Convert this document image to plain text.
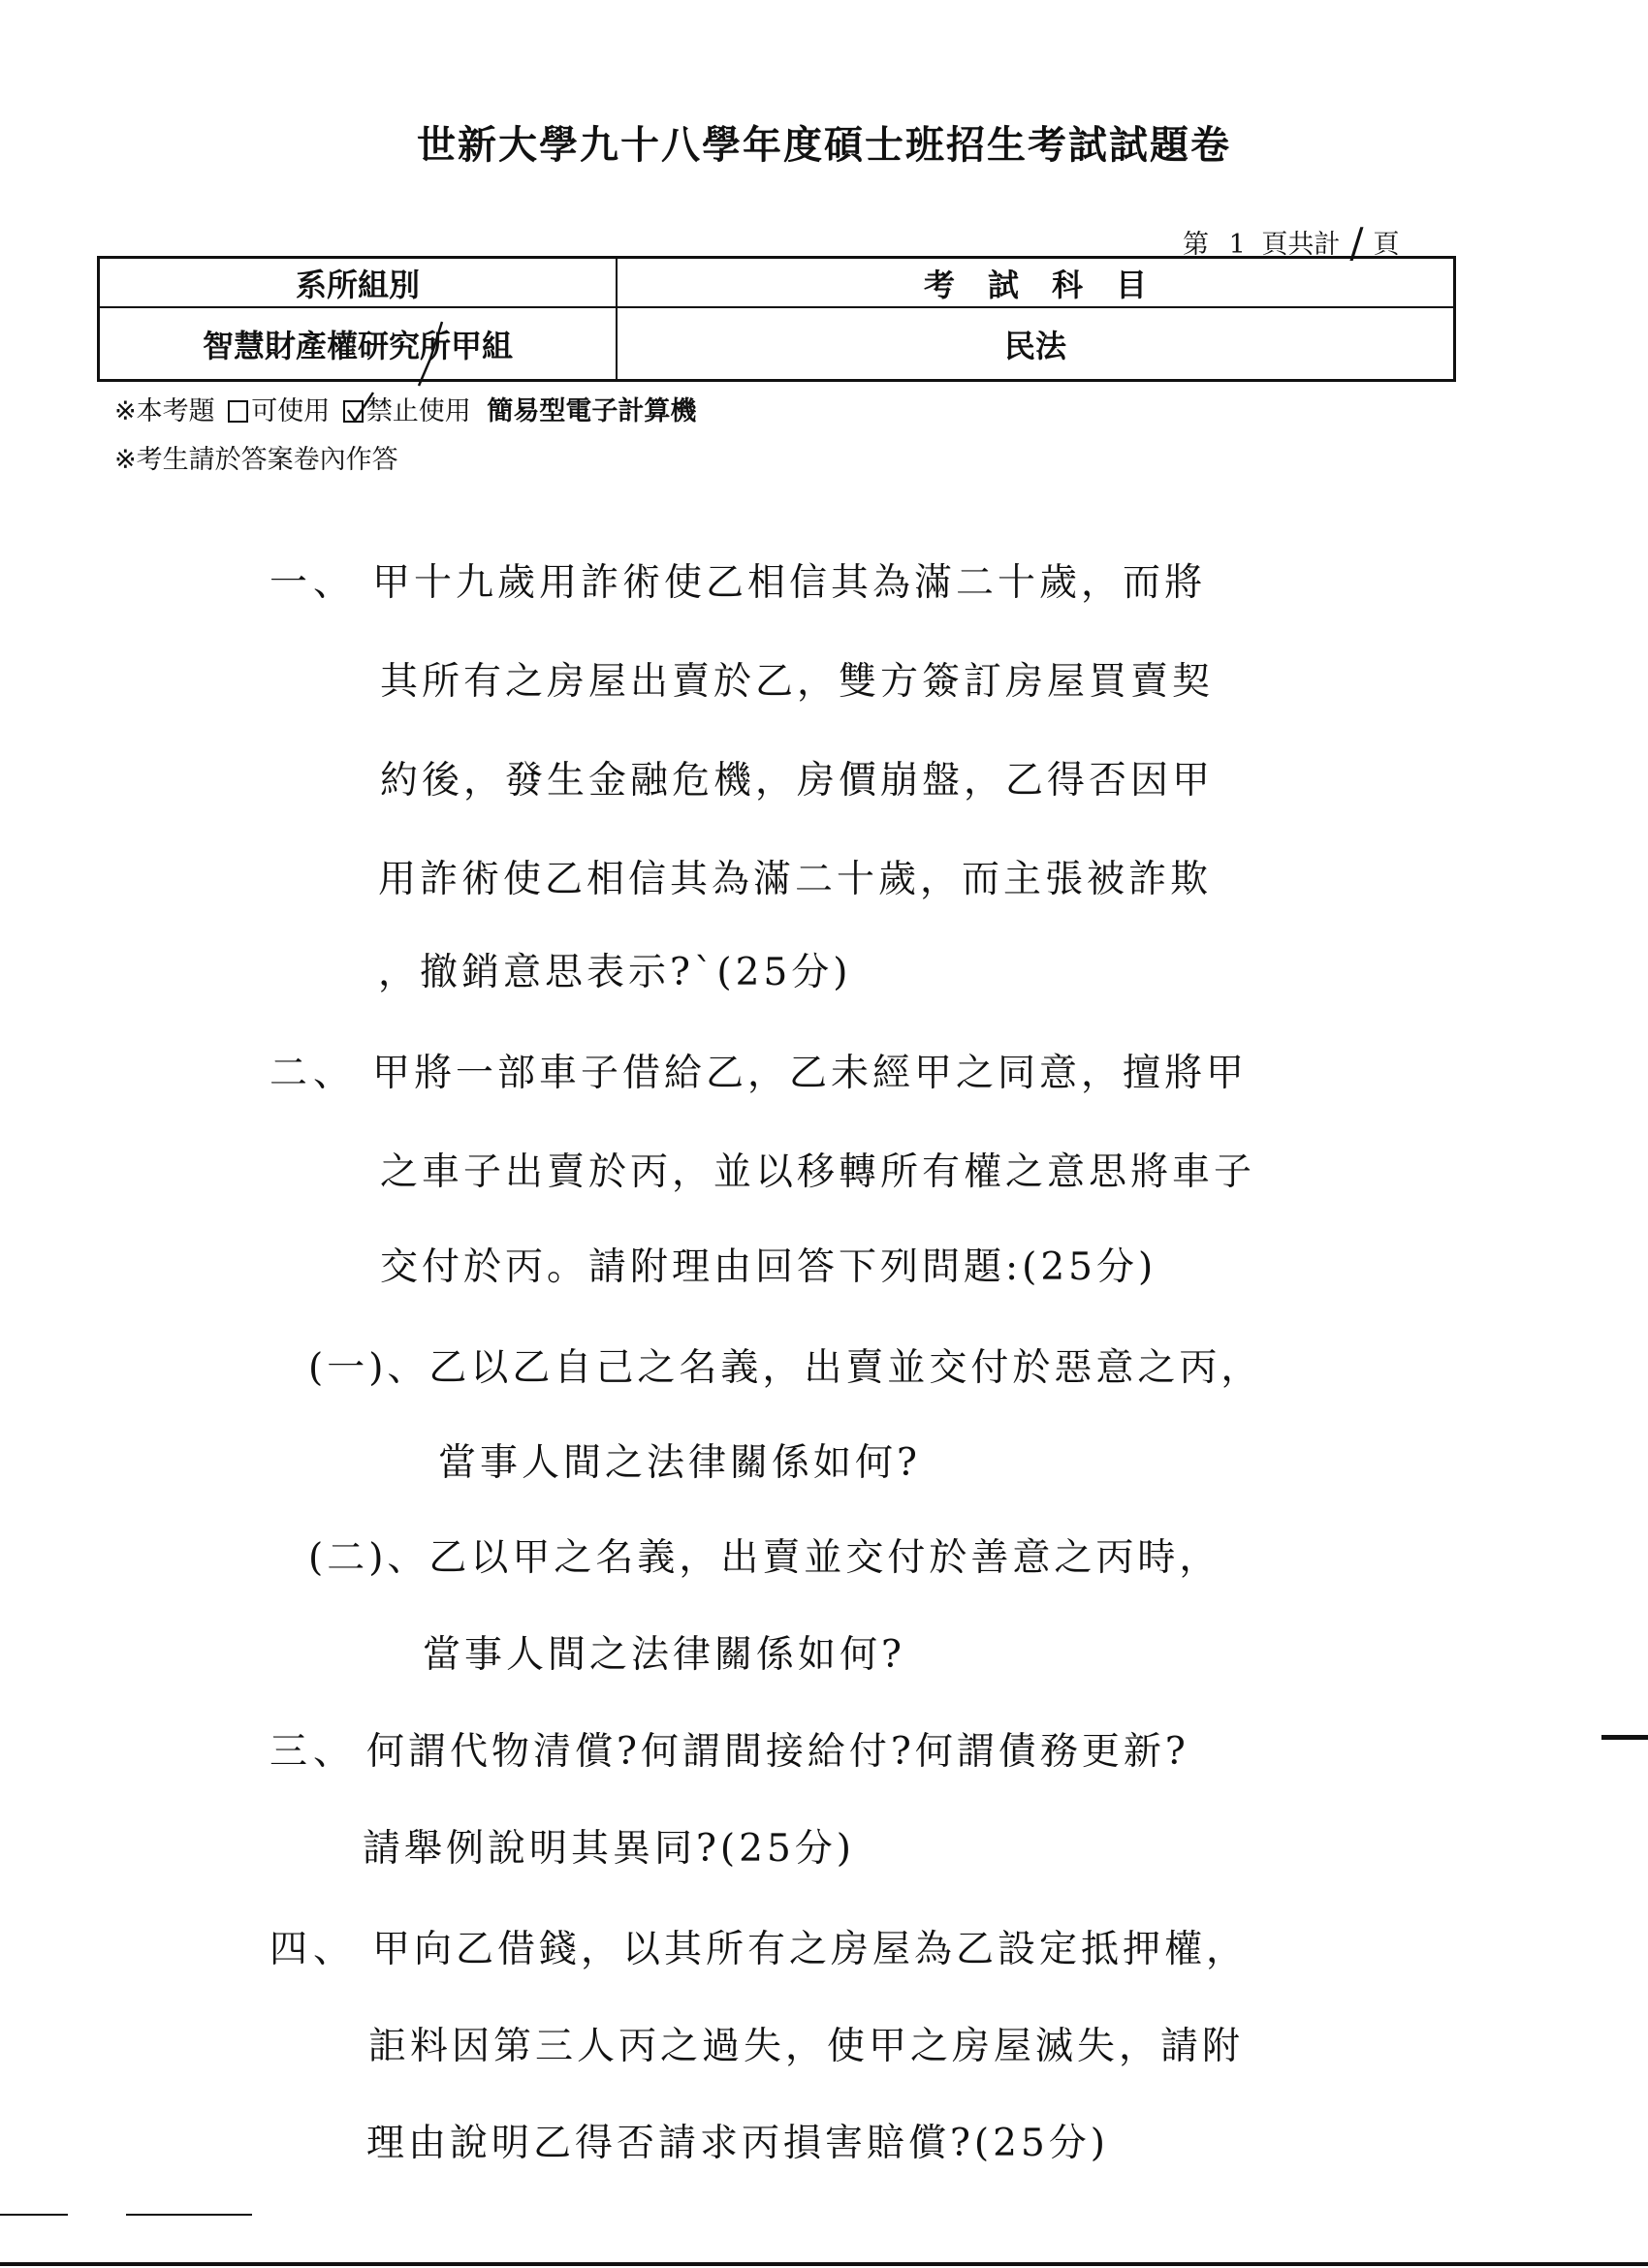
世新大學九十八學年度碩士班招生考試試題卷
第 1 頁共計 / 頁
系所組別	考試科目
智慧財產權研究所甲組	民法
※本考題 可使用 禁止使用 簡易型電子計算機
※考生請於答案卷內作答
一、 甲十九歲用詐術使乙相信其為滿二十歲，而將
其所有之房屋出賣於乙，雙方簽訂房屋買賣契
約後，發生金融危機，房價崩盤，乙得否因甲
用詐術使乙相信其為滿二十歲，而主張被詐欺
，撤銷意思表示?`(25分)
二、 甲將一部車子借給乙，乙未經甲之同意，擅將甲
之車子出賣於丙，並以移轉所有權之意思將車子
交付於丙。請附理由回答下列問題:(25分)
(一)、乙以乙自己之名義，出賣並交付於惡意之丙，
當事人間之法律關係如何?
(二)、乙以甲之名義，出賣並交付於善意之丙時，
當事人間之法律關係如何?
三、 何謂代物清償?何謂間接給付?何謂債務更新?
請舉例說明其異同?(25分)
四、 甲向乙借錢，以其所有之房屋為乙設定抵押權，
詎料因第三人丙之過失，使甲之房屋滅失，請附
理由說明乙得否請求丙損害賠償?(25分)
